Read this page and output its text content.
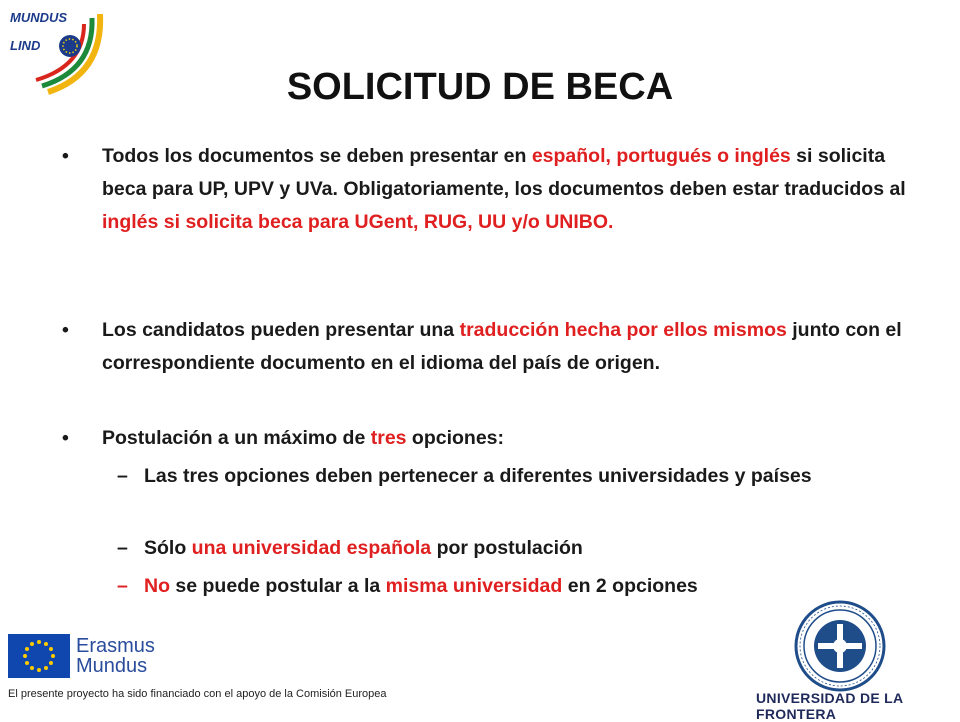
MUNDUS
LIND
SOLICITUD DE BECA
•	Todos los documentos se deben presentar en español, portugués o inglés si solicita beca para UP, UPV y UVa. Obligatoriamente, los documentos deben estar traducidos al inglés si solicita beca para UGent, RUG, UU y/o UNIBO.
•	Los candidatos pueden presentar una traducción hecha por ellos mismos junto con el correspondiente documento en el idioma del país de origen.
•	Postulación a un máximo de tres opciones:
– Las tres opciones deben pertenecer a diferentes universidades y países
– Sólo una universidad española por postulación
– No se puede postular a la misma universidad en 2 opciones
Erasmus
Mundus
El presente proyecto ha sido financiado con el apoyo de la Comisión Europea	UNIVERSIDAD DE LA FRONTERA
